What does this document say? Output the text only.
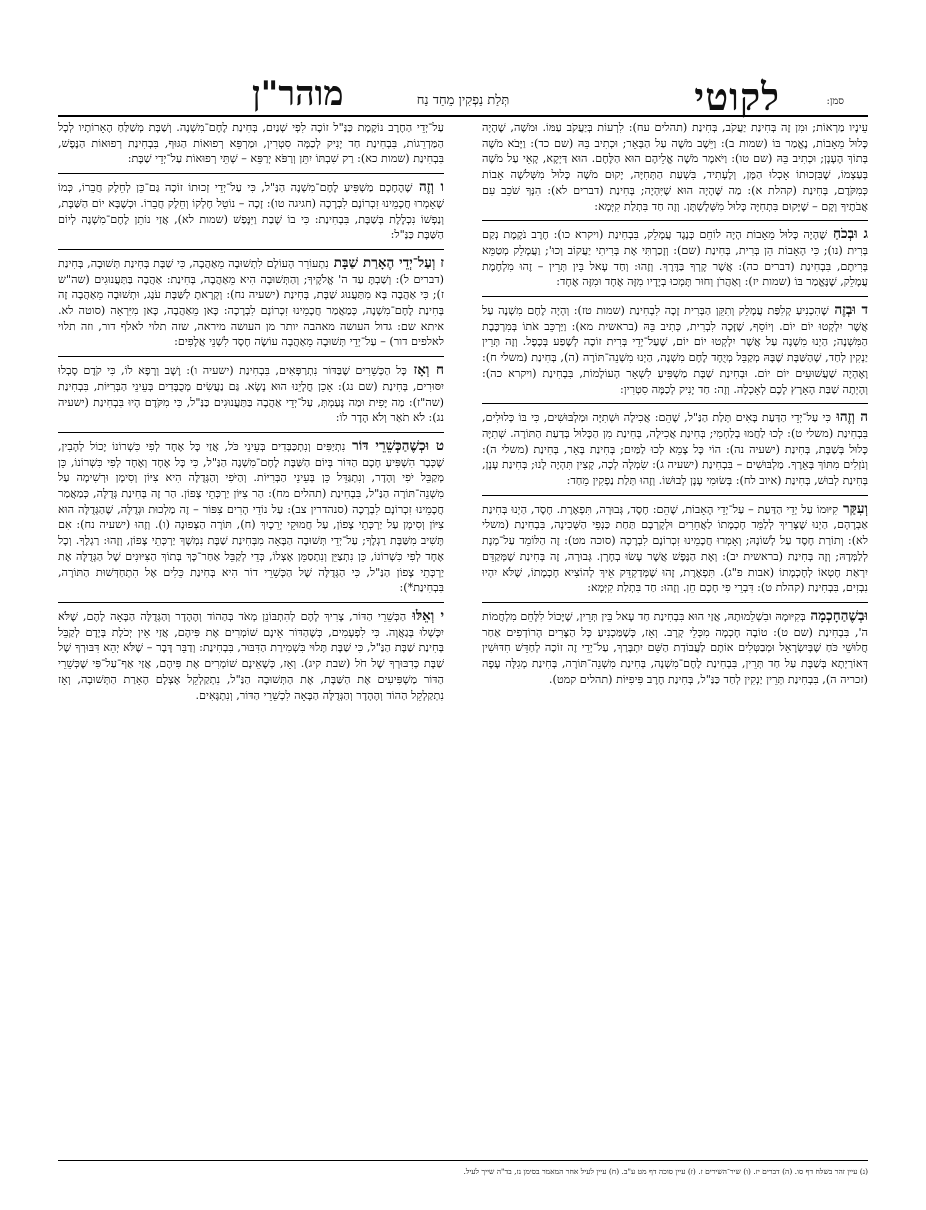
סמן:
לקוטי
תְּלַת נַפְקִין מֵחַד נַח
מוהר"ן

עֵינָיו מַרְאוֹת; וּמִן זֶה בְּחִינַת יַעֲקֹב, בְּחִינַת (תהלים עח): לִרְעוֹת בְּיַעֲקֹב עַמּוֹ. וּמֹשֶׁה, שֶׁהָיָה כָּלוּל מֵאָבוֹת, נֶאֱמַר בּוֹ (שמות ב): וַיֵּשֶׁב מֹשֶׁה עַל הַבְּאֵר; וּכְתִיב בֵּהּ (שם כד): וַיָּבֹא מֹשֶׁה בְּתוֹךְ הֶעָנָן; וּכְתִיב בֵּהּ (שם טו): וַיֹּאמֶר מֹשֶׁה אֱלֵיהֶם הוּא הַלֶּחֶם. הוּא דַּיְקָא, קָאֵי עַל מֹשֶׁה בְּעַצְמוֹ, שֶׁבִּזְכוּתוֹ אָכְלוּ הַמָּן, וְלֶעָתִיד, בִּשְׁעַת הַתְּחִיָּה, יָקוּם מֹשֶׁה כָּלוּל מִשְּׁלשָׁה אָבוֹת כְּמִקֹּדֶם, בְּחִינַת (קהלת א): מַה שֶּׁהָיָה הוּא שֶׁיִּהְיֶה; בְּחִינַת (דברים לא): הִנְּךָ שֹׁכֵב עִם אֲבֹתֶיךָ וְקָם – שֶׁיָּקוּם בִּתְחִיָּה כָּלוּל מִשְּׁלָשְׁתָּן. וְזֶה חַד בִּתְלַת קִיְּמָא:

ג וּבְכֹחַ שֶׁהָיָה כָּלוּל מֵאָבוֹת הָיָה לוֹחֵם כְּנֶגֶד עֲמָלֵק, בִּבְחִינַת (ויקרא כו): חֶרֶב נֹקֶמֶת נְקַם בְּרִית (נו); כִּי הָאָבוֹת הֵן בְּרִית, בְּחִינַת (שם): וְזָכַרְתִּי אֶת בְּרִיתִי יַעֲקוֹב וְכוּ'; וַעֲמָלֵק מְטַמֵּא בְּרִיתָם, בִּבְחִינַת (דברים כה): אֲשֶׁר קָרְךָ בַּדֶּרֶךְ. וְזֶהוּ: וְחַד עָאל בֵּין תְּרֵין – זֶהוּ מִלְחֶמֶת עֲמָלֵק, שֶׁנֶּאֱמַר בּוֹ (שמות יז): וְאַהֲרֹן וְחוּר תָּמְכוּ בְיָדָיו מִזֶּה אֶחָד וּמִזֶּה אֶחָד:

ד וּבְזֶה שֶׁהִכְנִיעַ קְלִפַּת עֲמָלֵק וְתִקֵּן הַבְּרִית זָכָה לִבְחִינַת (שמות טז): וְהָיָה לֶחֶם מִשְׁנֶה עַל אֲשֶׁר יִלְקְטוּ יוֹם יוֹם. וְיוֹסֵף, שֶׁזָּכָה לִבְרִית, כְּתִיב בֵּהּ (בראשית מא): וַיַּרְכֵּב אֹתוֹ בְּמִרְכֶּבֶת הַמִּשְׁנֶה; הַיְנוּ מִשְׁנֶה עַל אֲשֶׁר יִלְקְטוּ יוֹם יוֹם, שֶׁעַל־יְדֵי בְּרִית זוֹכֶה לְשֶׁפַע בְּכֶפֶל. וְזֶה תְּרֵין יַנְקִין לְחַד, שֶׁהַשַּׁבָּת שֶׁבָּהּ מְקַבֵּל מְיֻחָד לֶחֶם מִשְׁנֶה, הַיְנוּ מִשְׁנֵה־תּוֹרָה (ה), בְּחִינַת (משלי ח): וָאֶהְיֶה שַׁעֲשׁוּעִים יוֹם יוֹם. וּבְחִינַת שַׁבָּת מַשְׁפִּיעַ לִשְׁאָר הָעוֹלָמוֹת, בִּבְחִינַת (ויקרא כה): וְהָיְתָה שַׁבַּת הָאָרֶץ לָכֶם לְאָכְלָה. וְזֶה: חַד יָנִיק לְכַמָּה סִטְרִין:

ה וְזֶהוּ כִּי עַל־יְדֵי הַדַּעַת בָּאִים תְּלַת הַנַּ"ל, שֶׁהֵם: אֲכִילָה וּשְׁתִיָּה וּמַלְבּוּשִׁים, כִּי בּוֹ כְּלוּלִים, בִּבְחִינַת (משלי ט): לְכוּ לַחֲמוּ בְלַחְמִי; בְּחִינַת אֲכִילָה, בְּחִינַת מִן הַכָּלוּל בְּדַעַת הַתּוֹרָה. שְׁתִיָּה כָּלוּל בְּשַׁבָּת, בְּחִינַת (ישעיה נה): הוֹי כָּל צָמֵא לְכוּ לַמַּיִם; בְּחִינַת בְּאֵר, בְּחִינַת (משלי ה): וְנֹזְלִים מִתּוֹךְ בְּאֵרֶךָ. מַלְבּוּשִׁים – בִּבְחִינַת (ישעיה ג): שִׂמְלָה לְכָה, קָצִין תִּהְיֶה לָנוּ; בְּחִינַת עָנָן, בְּחִינַת לְבוּשׁ, בְּחִינַת (איוב לח): בְּשׂוּמִי עָנָן לְבוּשׁוֹ. וְזֶהוּ תְּלַת נַפְקִין מֵחַד:

וְעִקַּר קִיּוּמוֹ עַל יְדֵי הַדַּעַת – עַל־יְדֵי הָאָבוֹת, שֶׁהֵם: חֶסֶד, גְּבוּרָה, תִּפְאֶרֶת. חֶסֶד, הַיְנוּ בְּחִינַת אַבְרָהָם, הַיְנוּ שֶׁצָּרִיךְ לְלַמֵּד חָכְמָתוֹ לַאֲחֵרִים וּלְקָרְבָם תַּחַת כַּנְפֵי הַשְּׁכִינָה, בִּבְחִינַת (משלי לא): וְתוֹרַת חֶסֶד עַל לְשׁוֹנָהּ; וְאָמְרוּ חֲכָמֵינוּ זִכְרוֹנָם לִבְרָכָה (סוכה מט): זֶה הַלּוֹמֵד עַל־מְנָת לְלַמְּדָהּ; וְזֶה בְּחִינַת (בראשית יב): וְאֶת הַנֶּפֶשׁ אֲשֶׁר עָשׂוּ בְחָרָן. גְּבוּרָה, זֶה בְּחִינַת שֶׁמְּקַדֵּם יִרְאַת חֶטְאוֹ לְחָכְמָתוֹ (אבות פ"ג). תִּפְאֶרֶת, זֶהוּ שֶׁמְּדַקְדֵּק אֵיךְ לְהוֹצִיא חָכְמָתוֹ, שֶׁלֹּא יִהְיוּ נִבְזִים, בִּבְחִינַת (קהלת ט): דִּבְרֵי פִי חָכָם חֵן. וְזֶהוּ: חַד בִּתְלַת קִיְּמָא:

וּבְשֶׁהַחָכְמָה בְּקִיּוּמָהּ וּבִשְׁלֵמוּתָהּ, אֲזַי הוּא בִּבְחִינַת חַד עָאל בֵּין תְּרֵין, שֶׁיָּכוֹל לִלָּחֵם מִלְחֲמוֹת ה', בִּבְחִינַת (שם ט): טוֹבָה חָכְמָה מִכְּלֵי קְרָב. וְאָז, כְּשֶׁמַּכְנִיעַ כָּל הַצָּרִים הָרוֹדְפִים אַחַר חֲלוּשֵׁי כֹּחַ שֶׁבְּיִשְׂרָאֵל וּמְבַטְּלִים אוֹתָם לַעֲבוֹדַת הַשֵּׁם יִתְבָּרַךְ, עַל־יְדֵי זֶה זוֹכֶה לְחַדֵּשׁ חִדּוּשִׁין דְּאוֹרַיְתָא בְּשַׁבָּת עַל חַד תְּרֵין, בִּבְחִינַת לֶחֶם־מִשְׁנֶה, בְּחִינַת מִשְׁנֵה־תּוֹרָה, בְּחִינַת מְגִלָּה עָפָה (זכריה ה), בִּבְחִינַת תְּרֵין יַנְקִין לְחַד כַּנַּ"ל, בְּחִינַת חֶרֶב פִּיפִיּוֹת (תהלים קמט).

עַל־יְדֵי הַחֶרֶב נוֹקֶמֶת כַּנַּ"ל זוֹכֶה לִפְי שְׁנַיִם, בְּחִינַת לֶחֶם־מִשְׁנֶה. וְשַׁבָּת מְשַׁלַּחַ הֶאָרוֹתָיו לְכָל הַמַּדְרֵגוֹת, בִּבְחִינַת חַד יָנִיק לְכַמָּה סִטְרִין, וּמַרְפֵּא רְפוּאוֹת הַגּוּף, בִּבְחִינַת רְפוּאוֹת הַנֶּפֶשׁ, בִּבְחִינַת (שמות כא): רַק שִׁבְתּוֹ יִתֵּן וְרַפֹּא יְרַפֵּא – שְׁתֵּי רְפוּאוֹת עַל־יְדֵי שַׁבָּת:

ו וְזֶה שֶׁהֶחָכָם מַשְׁפִּיעַ לֶחֶם־מִשְׁנֶה הַנַּ"ל, כִּי עַל־יְדֵי זְכוּתוֹ זוֹכֶה גַּם־כֵּן לְחֵלֶק חֲבֵרוֹ, כְּמוֹ שֶׁאָמְרוּ חֲכָמֵינוּ זִכְרוֹנָם לִבְרָכָה (חגיגה טו): זָכָה – נוֹטֵל חֶלְקוֹ וְחֵלֶק חֲבֵרוֹ. וּכְשֶׁבָּא יוֹם הַשַּׁבָּת, וְנַפְשׁוֹ נִכְלֶלֶת בְּשַׁבָּת, בִּבְחִינַת: כִּי בוֹ שָׁבַת וַיִּנָּפַשׁ (שמות לא), אֲזַי נוֹתֵן לֶחֶם־מִשְׁנֶה לְיוֹם הַשַּׁבָּת כַּנַּ"ל:

ז וְעַל־יְדֵי הֶאָרַת שַׁבָּת נִתְעוֹרֵר הָעוֹלָם לִתְשׁוּבָה מֵאַהֲבָה, כִּי שַׁבָּת בְּחִינַת תְּשׁוּבָה, בְּחִינַת (דברים ל): וְשַׁבְתָּ עַד ה' אֱלֹקֶיךָ; וְהַתְּשׁוּבָה הִיא מֵאַהֲבָה, בְּחִינַת: אַהֲבָה בַּתַּעֲנוּגִים (שה"ש ז); כִּי אַהֲבָה בָּא מִתַּעֲנוּג שַׁבָּת, בְּחִינַת (ישעיה נח): וְקָרָאתָ לַשַּׁבָּת עֹנֶג, וּתְשׁוּבָה מֵאַהֲבָה זֶה בְּחִינַת לֶחֶם־מִשְׁנֶה, כְּמַאֲמַר חֲכָמֵינוּ זִכְרוֹנָם לִבְרָכָה: כָּאן מֵאַהֲבָה, כָּאן מִיִּרְאָה (סוטה לא. איתא שם: גדול העושה מאהבה יותר מן העושה מיראה, שזה תלוי לאלף דור, וזה תלוי לאלפים דור) – עַל־יְדֵי תְּשׁוּבָה מֵאַהֲבָה עוֹשֶׂה חֶסֶד לִשְׁנֵי אֲלָפִים:

ח וְאָז כָּל הַכְּשֵׁרִים שֶׁבַּדּוֹר נִתְרַפְּאִים, בִּבְחִינַת (ישעיה ו): וָשָׁב וְרָפָא לוֹ, כִּי קֹדֶם סָבְלוּ יִסּוּרִים, בְּחִינַת (שם נג): אָכֵן חֳלָיֵנוּ הוּא נָשָׂא. גַּם נַעֲשִׂים מְכֻבָּדִים בְּעֵינֵי הַבְּרִיּוֹת, בִּבְחִינַת (שה"ז): מַה יָּפִית וּמַה נָּעַמְתְּ, עַל־יְדֵי אַהֲבָה בַּתַּעֲנוּגִים כַּנַּ"ל, כִּי מִקֹּדֶם הָיוּ בִּבְחִינַת (ישעיה נג): לֹא תֹאַר וְלֹא הָדָר לוֹ:

ט וּכְשֶׁהַכְּשֵׁרֵי דּוֹר נִתְיַפִּים וְנִתְכַּבְּדִים בְּעֵינֵי כֹּל, אֲזַי כָּל אֶחָד לְפִי כִּשְׁרוֹנוֹ יָכוֹל לְהָבִין, שֶׁכְּבָר הִשְׁפִּיעַ חָכָם הַדּוֹר בְּיוֹם הַשַּׁבָּת לֶחֶם־מִשְׁנֶה הַנַּ"ל, כִּי כָּל אֶחָד וְאֶחָד לְפִי כִּשְׁרוֹנוֹ, כֵּן מְקַבֵּל יֹפִי וְהָדָר, וְנִתְגַּדֵּל כֵּן בְּעֵינֵי הַבְּרִיּוֹת. וְהַיֹּפִי וְהַגְּדֻלָּה הִיא צִיּוֹן וְסִימָן וּרְשִׁימָה עַל מִשְׁנֵה־תּוֹרָה הַנַּ"ל, בִּבְחִינַת (תהלים מח): הַר צִיּוֹן יַרְכְּתֵי צָפוֹן. הַר זֶה בְּחִינַת גְּדֻלָּה, כְּמַאֲמַר חֲכָמֵינוּ זִכְרוֹנָם לִבְרָכָה (סנהדרין צב): עַל נוֹדֵי הָרִים צִפּוֹר – זֶה מַלְכוּת וּגְדֻלָּה, שֶׁהַגְּדֻלָּה הוּא צִיּוֹן וְסִימָן עַל יַרְכְּתֵי צָפוֹן, עַל חֲמוּקֵי יְרֵכָיִךְ (ח), תּוֹרָה הַצְּפוּנָה (ו). וְזֶהוּ (ישעיה נח): אִם תָּשִׁיב מִשַּׁבָּת רַגְלֶךָ; עַל־יְדֵי תְּשׁוּבָה הַבָּאָה מִבְּחִינַת שַׁבָּת נִמְשָׁךְ יַרְכְּתֵי צָפוֹן, וְזֶהוּ: רַגְלֶךָ. וְכָל אֶחָד לְפִי כִּשְׁרוֹנוֹ, כֵּן נִתְצַיֵּן וְנִתְסַמֵּן אֶצְלוֹ, כְּדֵי לְקַבֵּל אַחַר־כָּךְ בְּתוֹךְ הַצִּיּוּנִים שֶׁל הַגְּדֻלָּה אֶת יַרְכְּתֵי צָפוֹן הַנַּ"ל, כִּי הַגְּדֻלָּה שֶׁל הַכְּשֵׁרֵי דוֹר הִיא בְּחִינַת כֵּלִים אֶל הִתְחַדְּשׁוּת הַתּוֹרָה, בִּבְחִינַת*):

י וְאֵלּוּ הַכְּשֵׁרֵי הַדּוֹר, צָרִיךְ לָהֶם לְהִתְבּוֹנֵן מְאֹד בְּהַהוֹד וְהֶהָדָר וְהַגְּדֻלָּה הַבָּאָה לָהֶם, שֶׁלֹּא יִכָּשְׁלוּ בְּגַאֲוָה. כִּי לִפְעָמִים, כְּשֶׁהַדּוֹר אֵינָם שׁוֹמְרִים אֶת פִּיהֶם, אֲזַי אֵין יְכֹלֶת בְּיָדָם לְקַבֵּל בְּחִינַת שַׁבָּת הַנַּ"ל, כִּי שַׁבָּת תָּלוּי בִּשְׁמִירַת הַדִּבּוּר, בִּבְחִינַת: וְדַבֵּר דָּבָר – שֶׁלֹּא יְהֵא דִּבּוּרְךָ שֶׁל שַׁבָּת כְּדִבּוּרְךָ שֶׁל חֹל (שבת קיג). וְאָז, כְּשֶׁאֵינָם שׁוֹמְרִים אֶת פִּיהֶם, אֲזַי אַף־עַל־פִּי שֶׁכְּשֵׁרֵי הַדּוֹר מַשְׁפִּיעִים אֶת הַשַּׁבָּת, אֶת הַתְּשׁוּבָה הַנַּ"ל, נִתְקַלְקֵל אֶצְלָם הֶאָרַת הַתְּשׁוּבָה, וְאָז נִתְקַלְקֵל הַהוֹד וְהֶהָדָר וְהַגְּדֻלָּה הַבָּאָה לִכְשֵׁרֵי הַדּוֹר, וְנִתְגָּאִים.

(נ) עיין זהר בשלח דף סו. (ה) דברים יז. (ו) שיר־השירים ז. (ז) עיין סוכה דף מט ע"ב. (ח) עיין לעיל אחר המאמר בסימן נז, בד"ה שייך לעיל.
